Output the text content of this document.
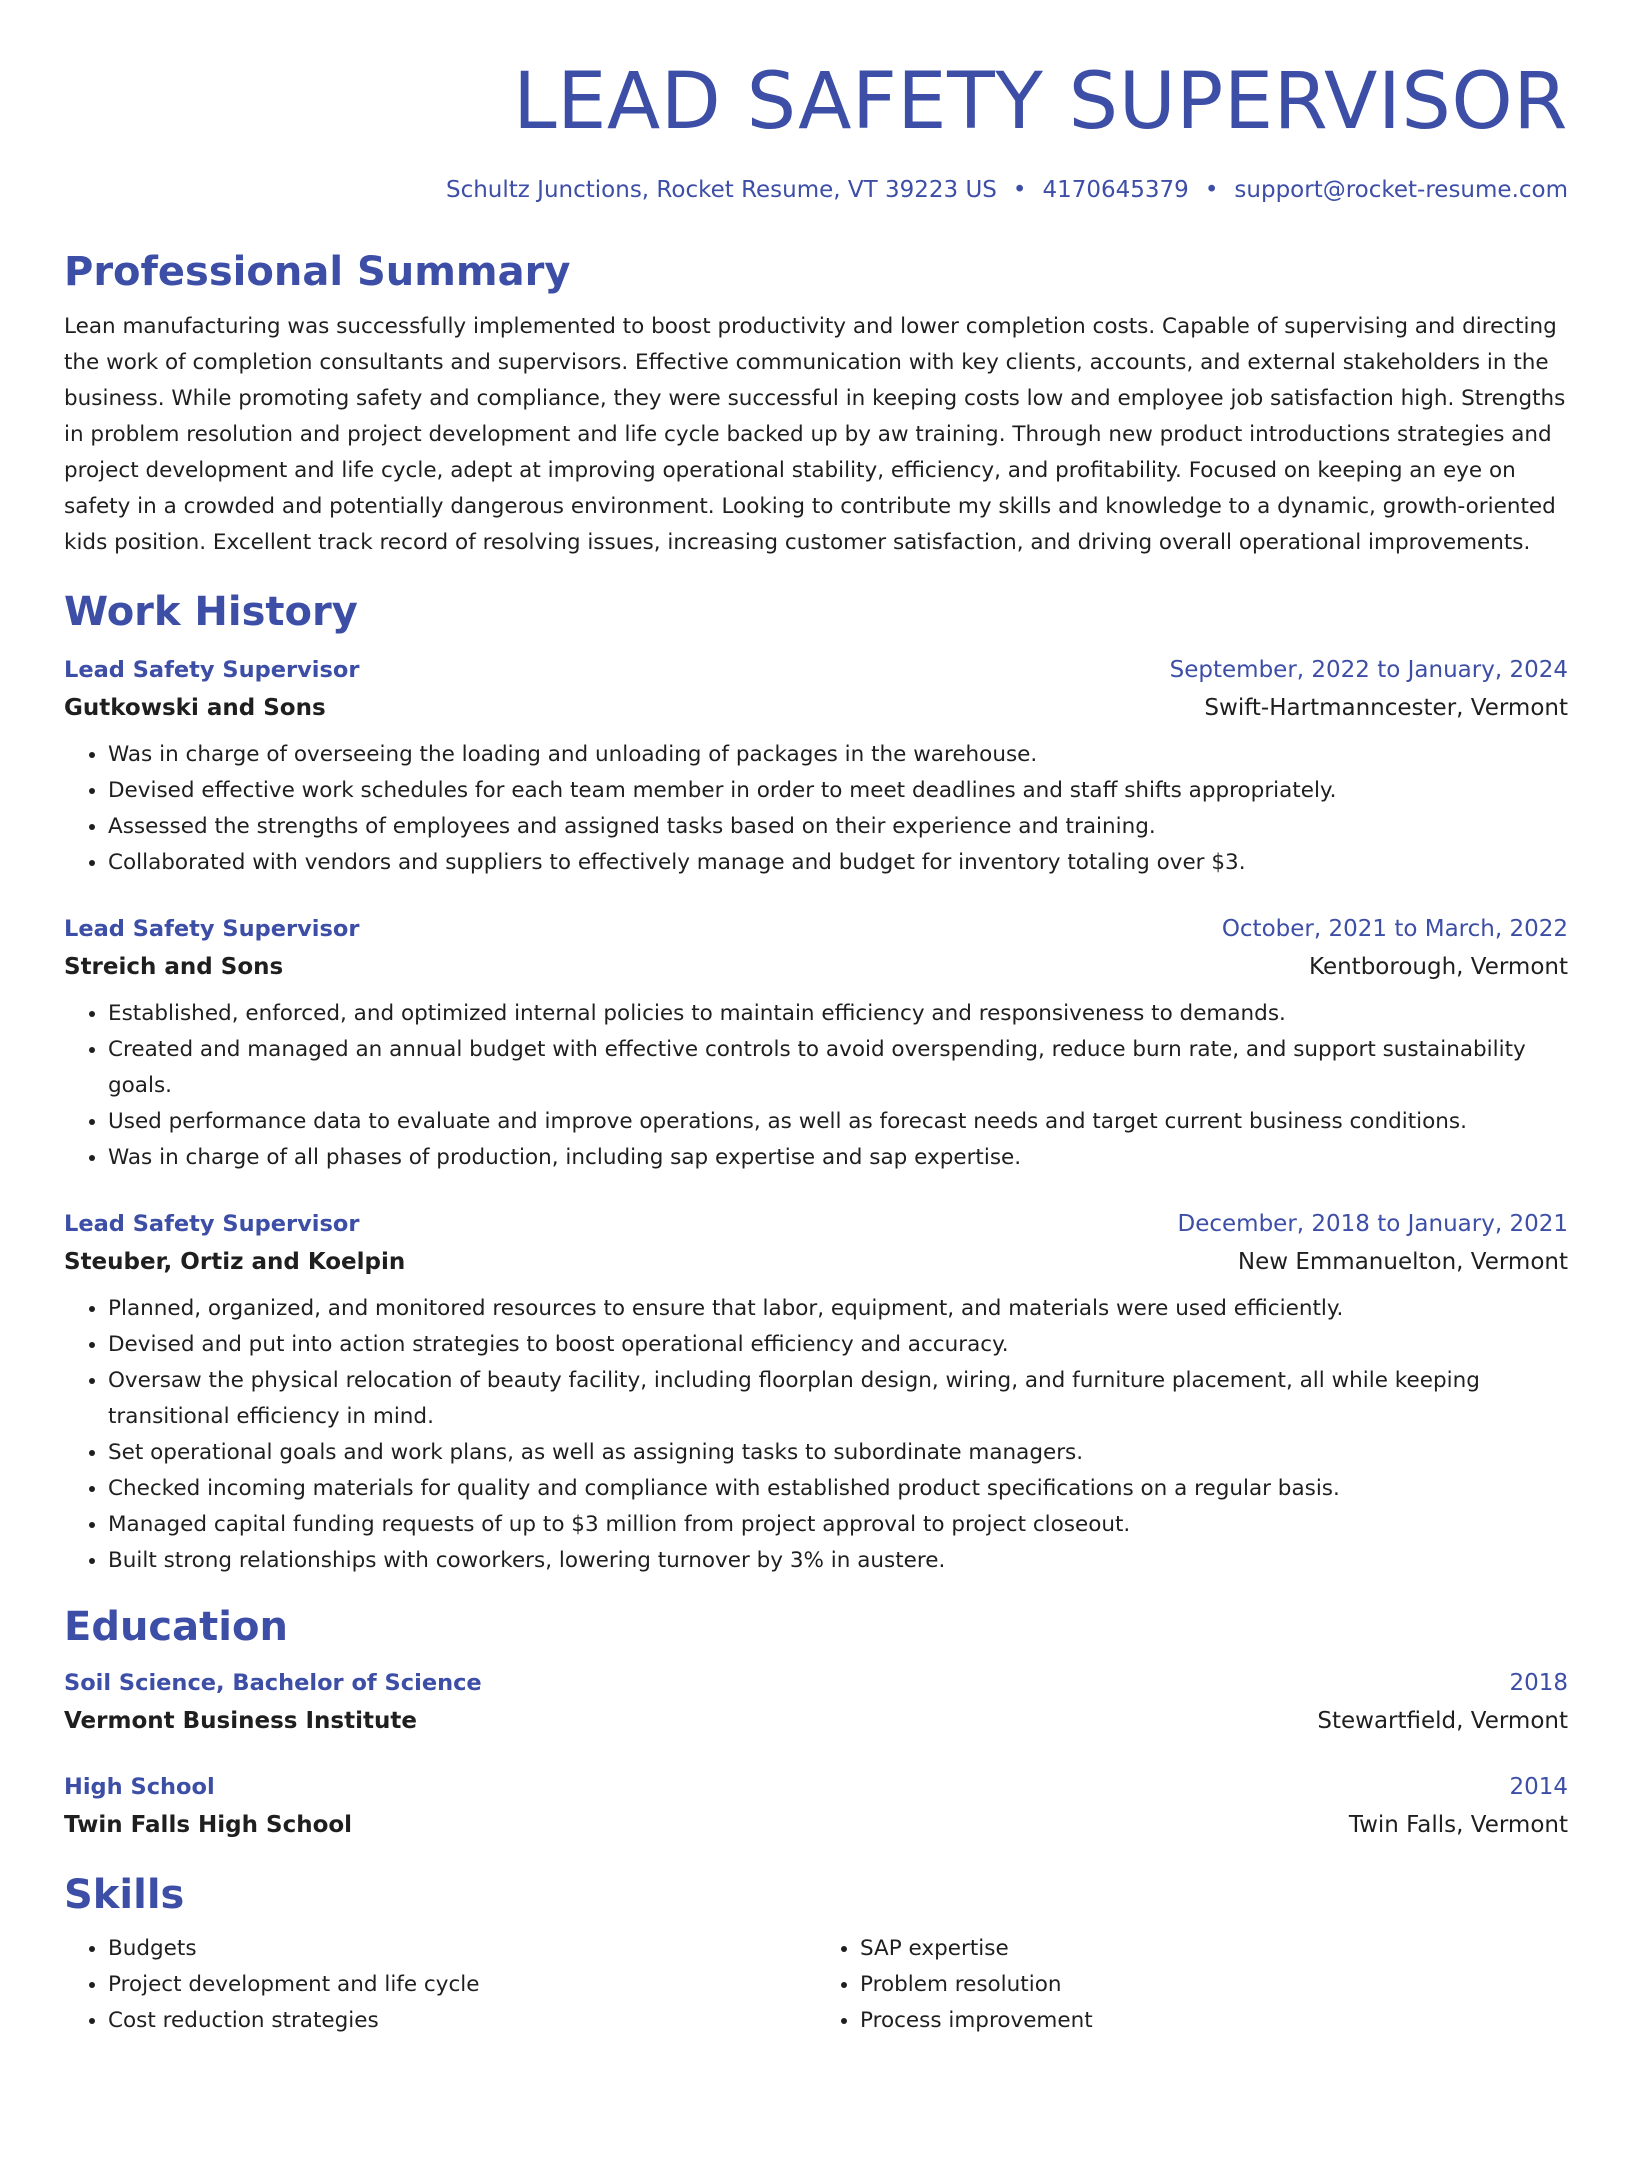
LEAD SAFETY SUPERVISOR
Schultz Junctions, Rocket Resume, VT 39223 US • 4170645379 • support@rocket-resume.com
Professional Summary
Lean manufacturing was successfully implemented to boost productivity and lower completion costs. Capable of supervising and directing the work of completion consultants and supervisors. Effective communication with key clients, accounts, and external stakeholders in the business. While promoting safety and compliance, they were successful in keeping costs low and employee job satisfaction high. Strengths in problem resolution and project development and life cycle backed up by aw training. Through new product introductions strategies and project development and life cycle, adept at improving operational stability, efficiency, and profitability. Focused on keeping an eye on safety in a crowded and potentially dangerous environment. Looking to contribute my skills and knowledge to a dynamic, growth-oriented kids position. Excellent track record of resolving issues, increasing customer satisfaction, and driving overall operational improvements.
Work History
Lead Safety Supervisor	September, 2022 to January, 2024
Gutkowski and Sons	Swift-Hartmanncester, Vermont
• Was in charge of overseeing the loading and unloading of packages in the warehouse.
• Devised effective work schedules for each team member in order to meet deadlines and staff shifts appropriately.
• Assessed the strengths of employees and assigned tasks based on their experience and training.
• Collaborated with vendors and suppliers to effectively manage and budget for inventory totaling over $3.
Lead Safety Supervisor	October, 2021 to March, 2022
Streich and Sons	Kentborough, Vermont
• Established, enforced, and optimized internal policies to maintain efficiency and responsiveness to demands.
• Created and managed an annual budget with effective controls to avoid overspending, reduce burn rate, and support sustainability goals.
• Used performance data to evaluate and improve operations, as well as forecast needs and target current business conditions.
• Was in charge of all phases of production, including sap expertise and sap expertise.
Lead Safety Supervisor	December, 2018 to January, 2021
Steuber, Ortiz and Koelpin	New Emmanuelton, Vermont
• Planned, organized, and monitored resources to ensure that labor, equipment, and materials were used efficiently.
• Devised and put into action strategies to boost operational efficiency and accuracy.
• Oversaw the physical relocation of beauty facility, including floorplan design, wiring, and furniture placement, all while keeping transitional efficiency in mind.
• Set operational goals and work plans, as well as assigning tasks to subordinate managers.
• Checked incoming materials for quality and compliance with established product specifications on a regular basis.
• Managed capital funding requests of up to $3 million from project approval to project closeout.
• Built strong relationships with coworkers, lowering turnover by 3% in austere.
Education
Soil Science, Bachelor of Science	2018
Vermont Business Institute	Stewartfield, Vermont
High School	2014
Twin Falls High School	Twin Falls, Vermont
Skills
• Budgets
• Project development and life cycle
• Cost reduction strategies
• SAP expertise
• Problem resolution
• Process improvement
